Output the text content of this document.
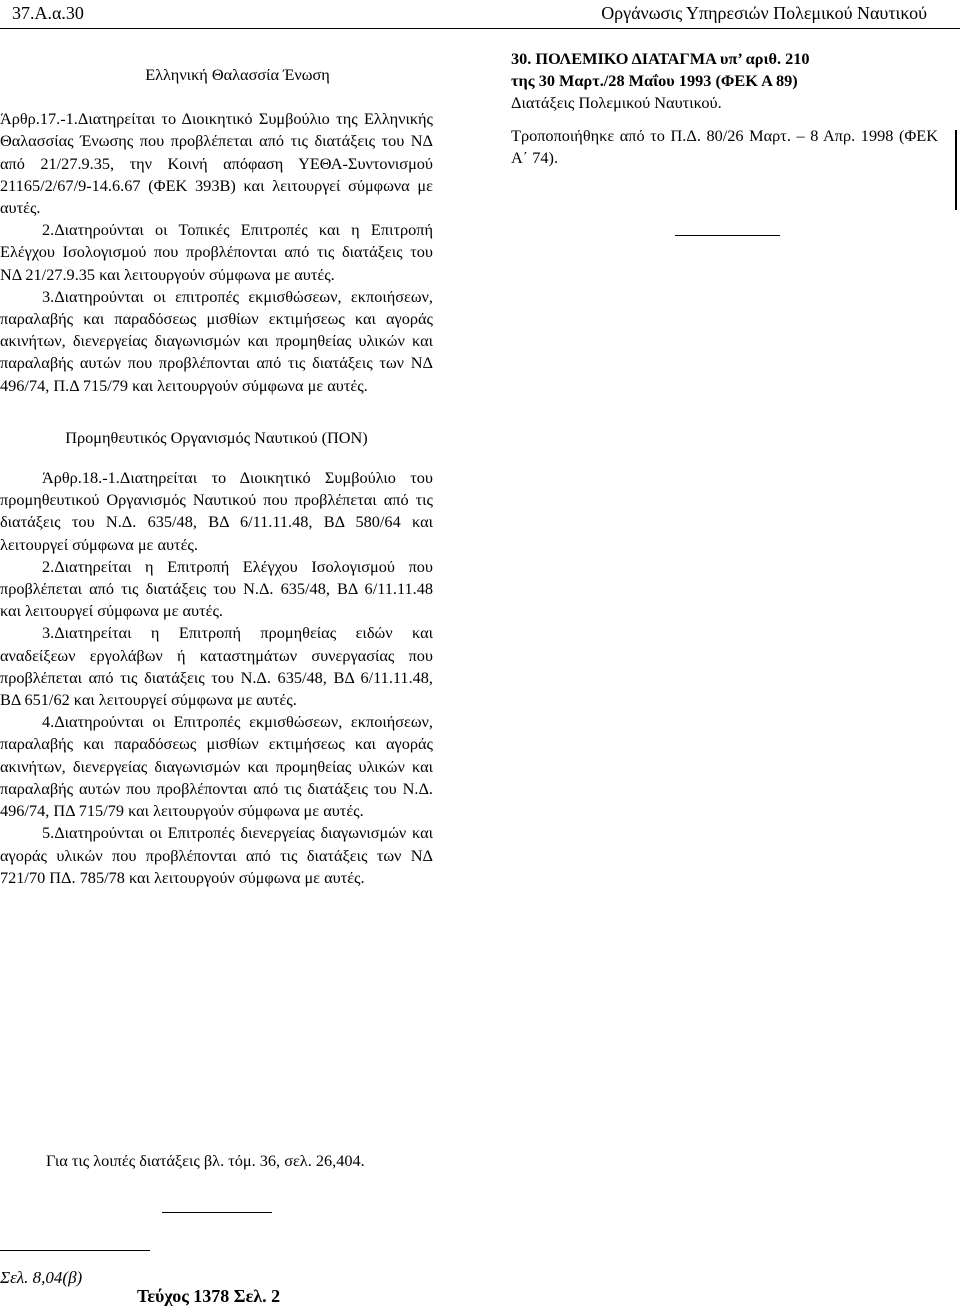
37.Α.α.30	Οργάνωσις Υπηρεσιών Πολεμικού Ναυτικού
Ελληνική Θαλασσία Ένωση

Άρθρ.17.-1.Διατηρείται το Διοικητικό Συμβούλιο της Ελληνικής Θαλασσίας Ένωσης που προβλέπεται από τις διατάξεις του ΝΔ από 21/27.9.35, την Κοινή απόφαση ΥΕΘΑ-Συντονισμού 21165/2/67/9-14.6.67 (ΦΕΚ 393Β) και λειτουργεί σύμφωνα με αυτές.

2.Διατηρούνται οι Τοπικές Επιτροπές και η Επιτροπή Ελέγχου Ισολογισμού που προβλέπονται από τις διατάξεις του ΝΔ 21/27.9.35 και λειτουργούν σύμφωνα με αυτές.

3.Διατηρούνται οι επιτροπές εκμισθώσεων, εκποιήσεων, παραλαβής και παραδόσεως μισθίων εκτιμήσεως και αγοράς ακινήτων, διενεργείας διαγωνισμών και προμηθείας υλικών και παραλαβής αυτών που προβλέπονται από τις διατάξεις των ΝΔ 496/74, Π.Δ 715/79 και λειτουργούν σύμφωνα με αυτές.

Προμηθευτικός Οργανισμός Ναυτικού (ΠΟΝ)

Άρθρ.18.-1.Διατηρείται το Διοικητικό Συμβούλιο του προμηθευτικού Οργανισμός Ναυτικού που προβλέπεται από τις διατάξεις του Ν.Δ. 635/48, ΒΔ 6/11.11.48, ΒΔ 580/64 και λειτουργεί σύμφωνα με αυτές.

2.Διατηρείται η Επιτροπή Ελέγχου Ισολογισμού που προβλέπεται από τις διατάξεις του Ν.Δ. 635/48, ΒΔ 6/11.11.48 και λειτουργεί σύμφωνα με αυτές.

3.Διατηρείται η Επιτροπή προμηθείας ειδών και αναδείξεων εργολάβων ή καταστημάτων συνεργασίας που προβλέπεται από τις διατάξεις του Ν.Δ. 635/48, ΒΔ 6/11.11.48, ΒΔ 651/62 και λειτουργεί σύμφωνα με αυτές.

4.Διατηρούνται οι Επιτροπές εκμισθώσεων, εκποιήσεων, παραλαβής και παραδόσεως μισθίων εκτιμήσεως και αγοράς ακινήτων, διενεργείας διαγωνισμών και προμηθείας υλικών και παραλαβής αυτών που προβλέπονται από τις διατάξεις του Ν.Δ. 496/74, ΠΔ 715/79 και λειτουργούν σύμφωνα με αυτές.

5.Διατηρούνται οι Επιτροπές διενεργείας διαγωνισμών και αγοράς υλικών που προβλέπονται από τις διατάξεις των ΝΔ 721/70 ΠΔ. 785/78 και λειτουργούν σύμφωνα με αυτές.

Για τις λοιπές διατάξεις βλ. τόμ. 36, σελ. 26,404.
30. ΠΟΛΕΜΙΚΟ ΔΙΑΤΑΓΜΑ υπ’ αριθ. 210
της 30 Μαρτ./28 Μαΐου 1993 (ΦΕΚ Α 89)
Διατάξεις Πολεμικού Ναυτικού.

Τροποποιήθηκε από το Π.Δ. 80/26 Μαρτ. – 8 Απρ. 1998 (ΦΕΚ Α΄ 74).

Σελ. 8,04(β)
Τεύχος 1378 Σελ. 2
